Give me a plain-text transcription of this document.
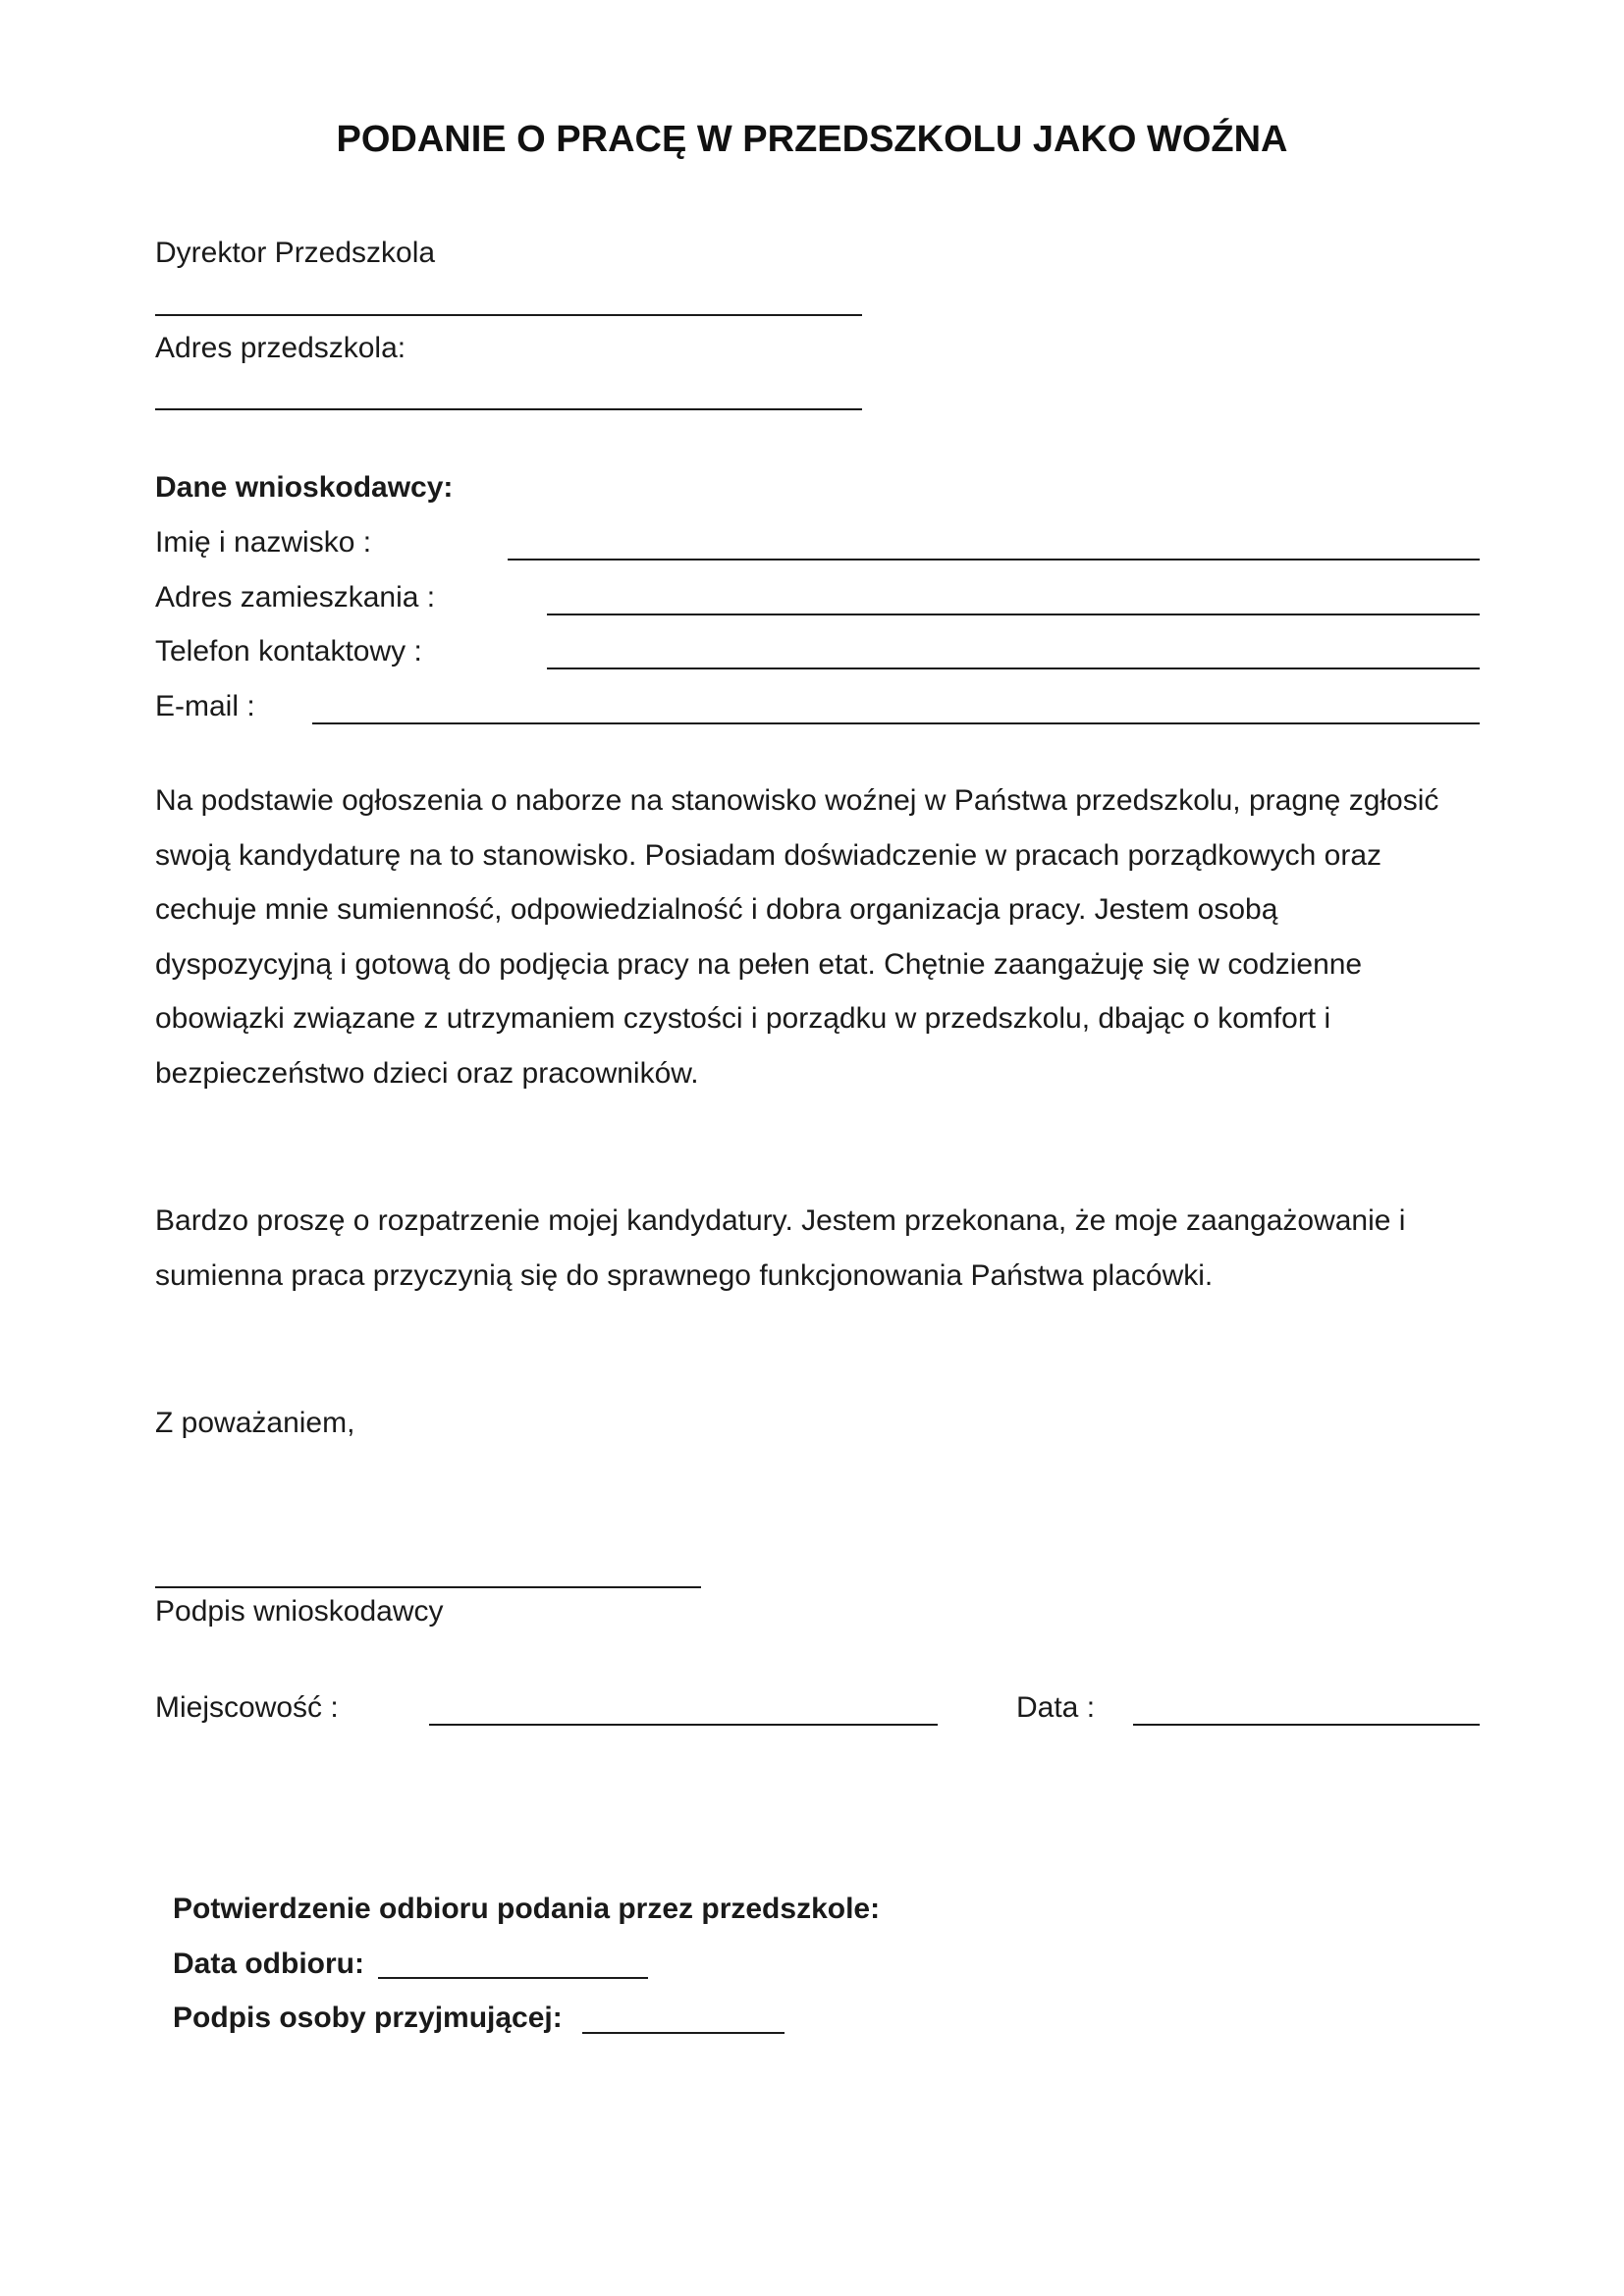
PODANIE O PRACĘ W PRZEDSZKOLU JAKO WOŹNA
Dyrektor Przedszkola
Adres przedszkola:
Dane wnioskodawcy:
Imię i nazwisko :
Adres zamieszkania :
Telefon kontaktowy :
E-mail :
Na podstawie ogłoszenia o naborze na stanowisko woźnej w Państwa przedszkolu, pragnę zgłosić
swoją kandydaturę na to stanowisko. Posiadam doświadczenie w pracach porządkowych oraz
cechuje mnie sumienność, odpowiedzialność i dobra organizacja pracy. Jestem osobą
dyspozycyjną i gotową do podjęcia pracy na pełen etat. Chętnie zaangażuję się w codzienne
obowiązki związane z utrzymaniem czystości i porządku w przedszkolu, dbając o komfort i
bezpieczeństwo dzieci oraz pracowników.
Bardzo proszę o rozpatrzenie mojej kandydatury. Jestem przekonana, że moje zaangażowanie i
sumienna praca przyczynią się do sprawnego funkcjonowania Państwa placówki.
Z poważaniem,
Podpis wnioskodawcy
Miejscowość :	Data :
Potwierdzenie odbioru podania przez przedszkole:
Data odbioru:
Podpis osoby przyjmującej:
